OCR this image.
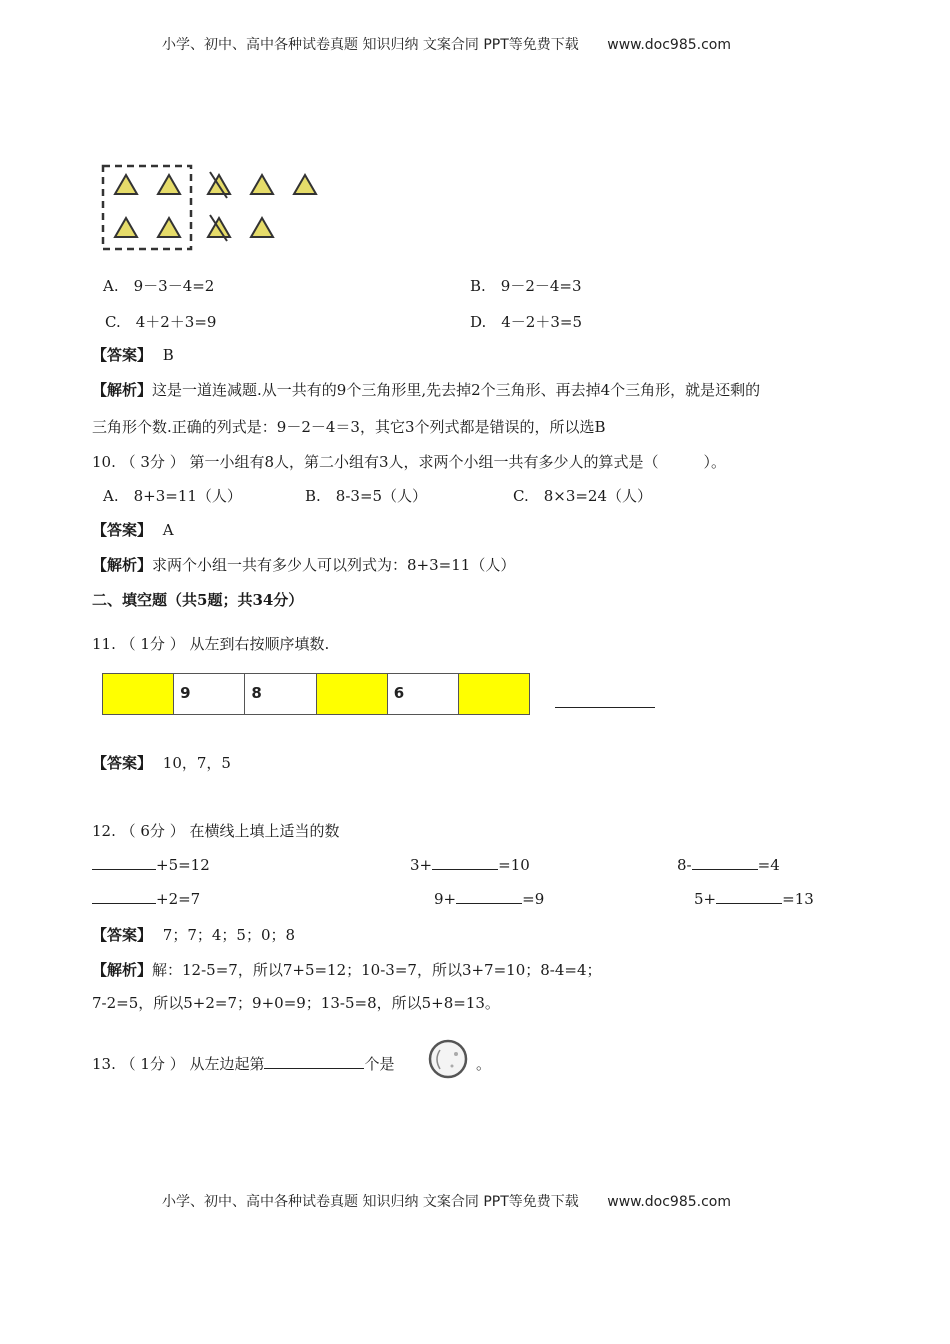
小学、初中、高中各种试卷真题 知识归纳 文案合同 PPT等免费下载 www.doc985.com
A.　9－3－4=2	B.　9－2－4=3
C.　4＋2＋3=9	D.　4－2＋3=5
【答案】 B
【解析】这是一道连减题.从一共有的9个三角形里,先去掉2个三角形、再去掉4个三角形，就是还剩的
三角形个数.正确的列式是：9－2－4＝3，其它3个列式都是错误的，所以选B
10. （ 3分 ） 第一小组有8人，第二小组有3人，求两个小组一共有多少人的算式是（　　　）。
A.　8+3=11（人）	B.　8-3=5（人）	C.　8×3=24（人）
【答案】 A
【解析】求两个小组一共有多少人可以列式为：8+3=11（人）
二、填空题（共5题；共34分）
11. （ 1分 ） 从左到右按顺序填数.
9	8	6
【答案】 10，7，5
12. （ 6分 ） 在横线上填上适当的数
+5=12	3+	=10	8-	=4
+2=7	9+	=9	5+	=13
【答案】 7；7；4；5；0；8
【解析】解：12-5=7，所以7+5=12；10-3=7，所以3+7=10；8-4=4；
7-2=5，所以5+2=7；9+0=9；13-5=8，所以5+8=13。
13. （ 1分 ） 从左边起第	个是	。
小学、初中、高中各种试卷真题 知识归纳 文案合同 PPT等免费下载 www.doc985.com
